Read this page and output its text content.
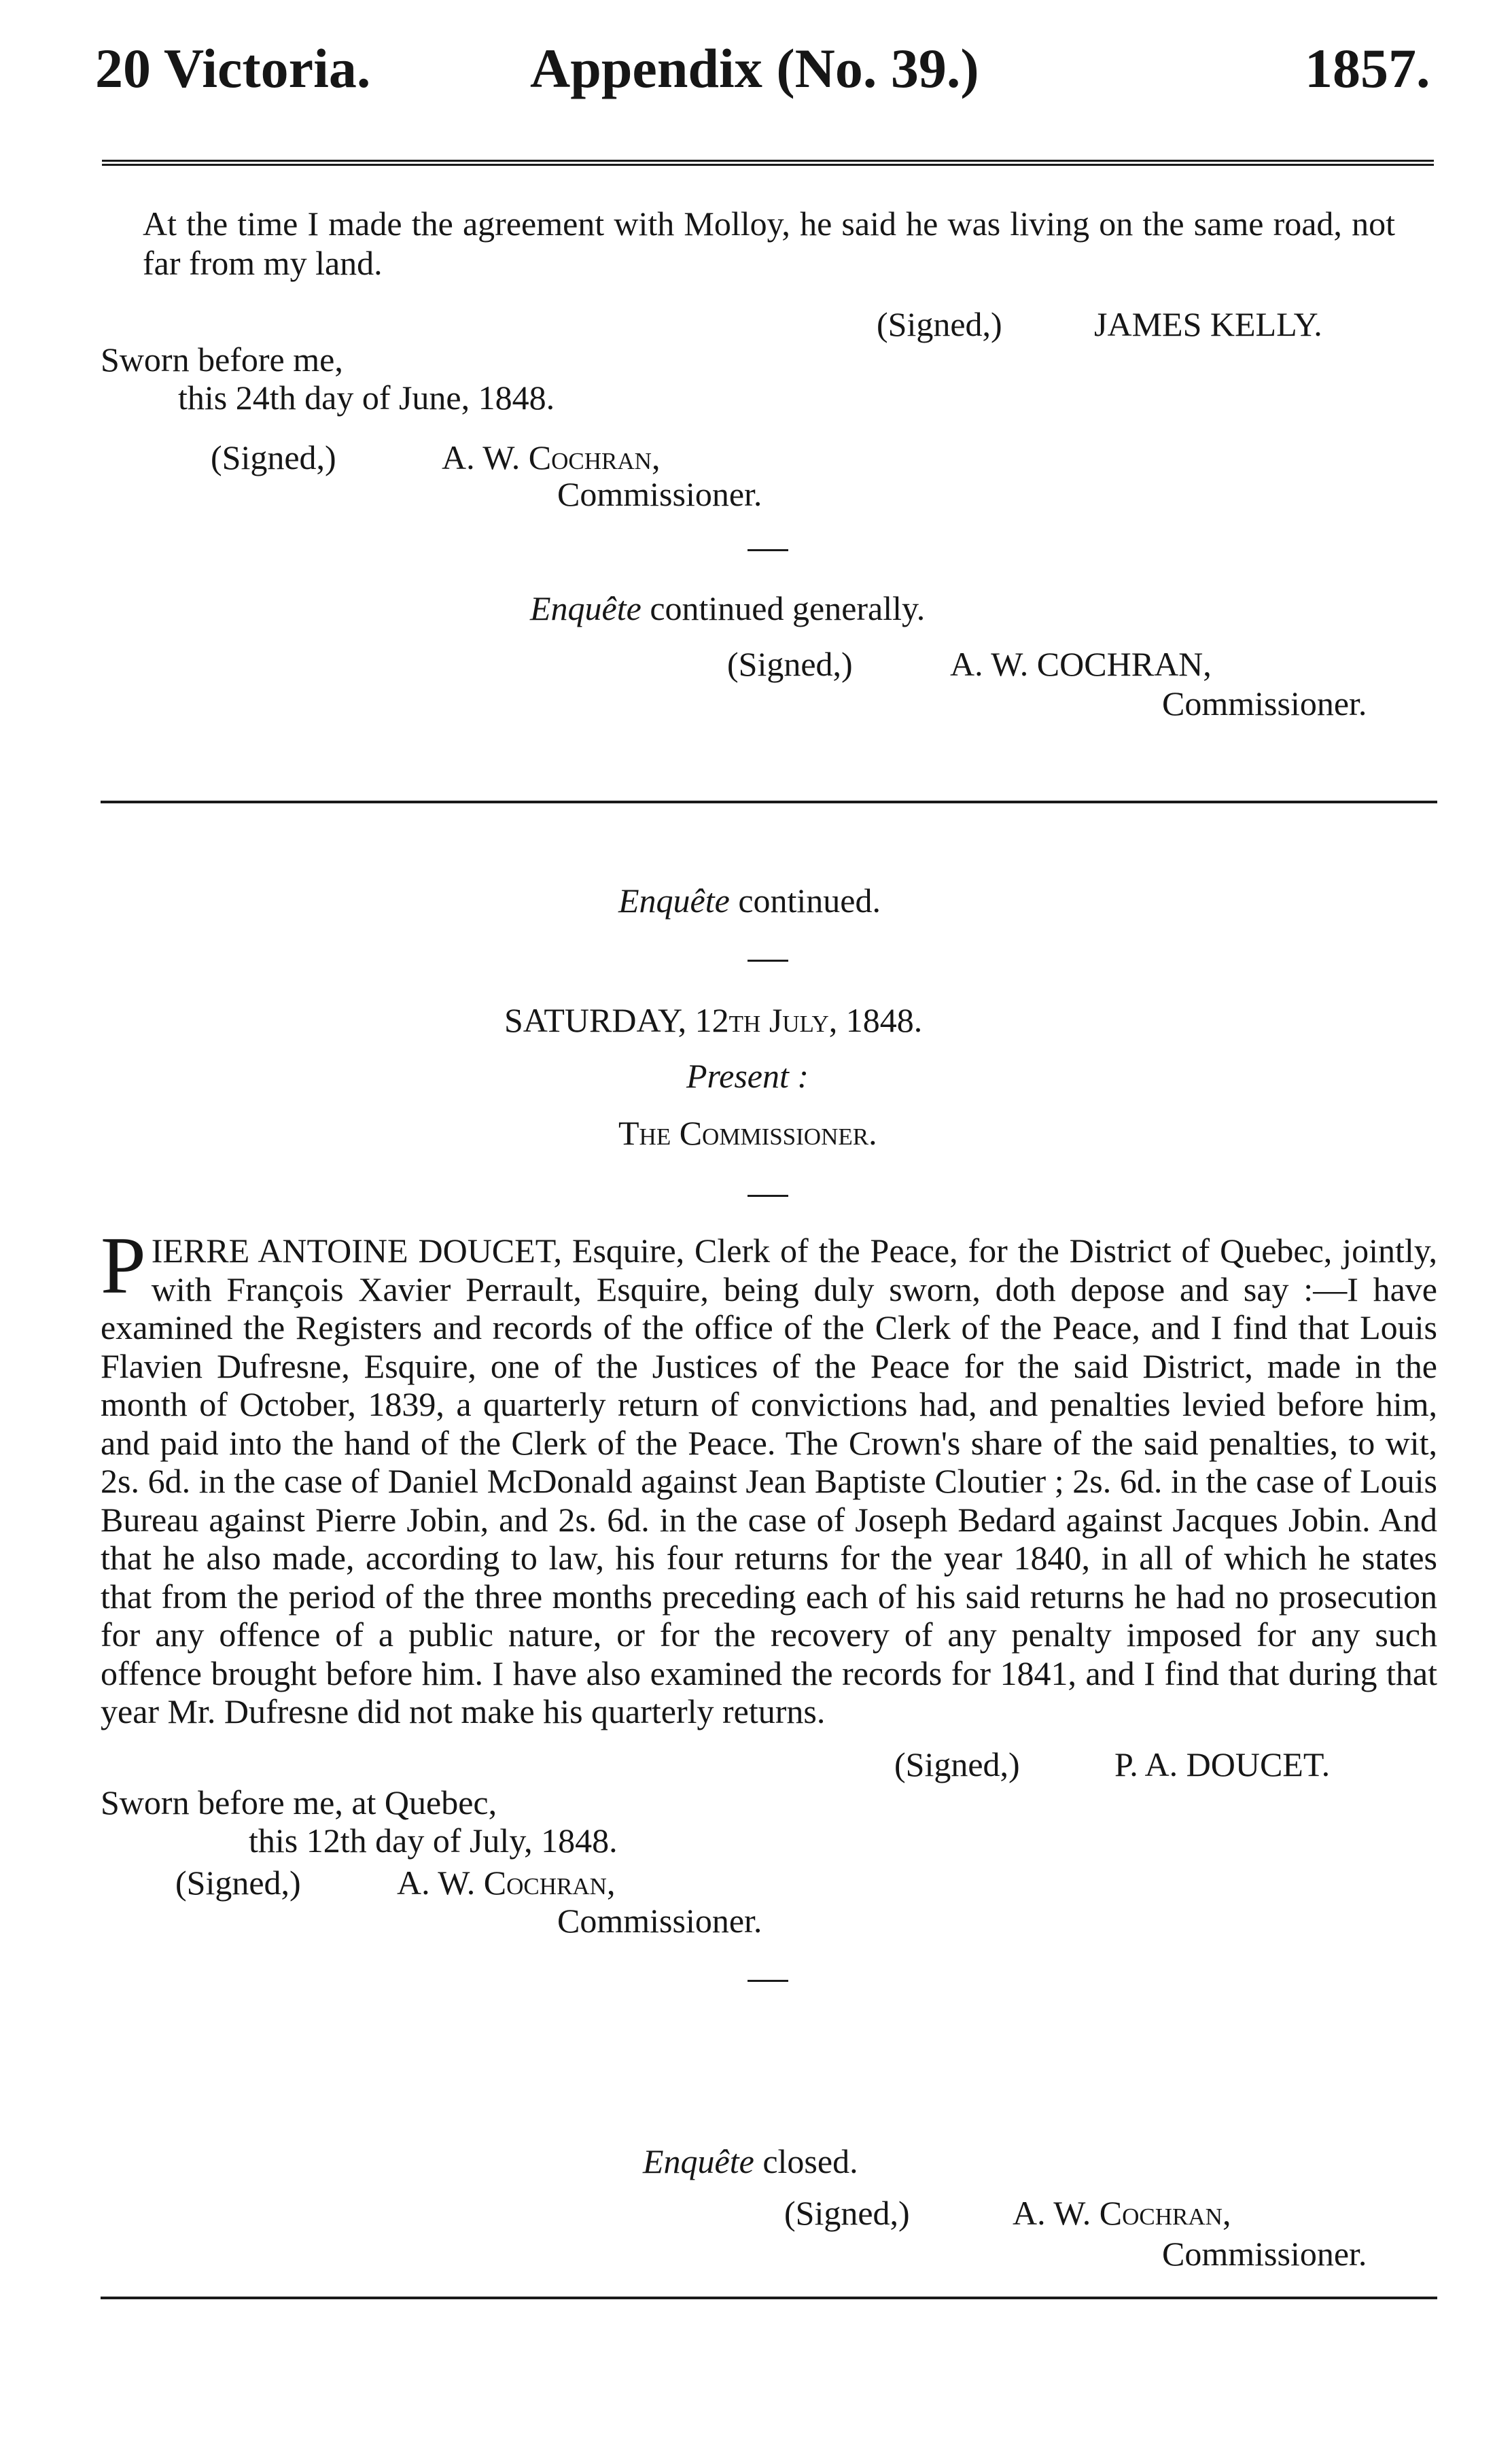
20 Victoria.	Appendix (No. 39.)	1857.
At the time I made the agreement with Molloy, he said he was living on the same road, not far from my land.
(Signed,)	JAMES KELLY.
Sworn before me,
this 24th day of June, 1848.
(Signed,)	A. W. Cochran,
Commissioner.
Enquête continued generally.
(Signed,)	A. W. COCHRAN,
Commissioner.
Enquête continued.
SATURDAY, 12th July, 1848.
Present :
The Commissioner.
PIERRE ANTOINE DOUCET, Esquire, Clerk of the Peace, for the District of Quebec, jointly, with François Xavier Perrault, Esquire, being duly sworn, doth depose and say :—I have examined the Registers and records of the office of the Clerk of the Peace, and I find that Louis Flavien Dufresne, Esquire, one of the Justices of the Peace for the said District, made in the month of October, 1839, a quarterly return of convictions had, and penalties levied before him, and paid into the hand of the Clerk of the Peace. The Crown's share of the said penalties, to wit, 2s. 6d. in the case of Daniel McDonald against Jean Baptiste Cloutier ; 2s. 6d. in the case of Louis Bureau against Pierre Jobin, and 2s. 6d. in the case of Joseph Bedard against Jacques Jobin. And that he also made, according to law, his four returns for the year 1840, in all of which he states that from the period of the three months preceding each of his said returns he had no prosecution for any offence of a public nature, or for the recovery of any penalty imposed for any such offence brought before him. I have also examined the records for 1841, and I find that during that year Mr. Dufresne did not make his quarterly returns.
(Signed,)	P. A. DOUCET.
Sworn before me, at Quebec,
this 12th day of July, 1848.
(Signed,)	A. W. Cochran,
Commissioner.
Enquête closed.
(Signed,)	A. W. Cochran,
Commissioner.
